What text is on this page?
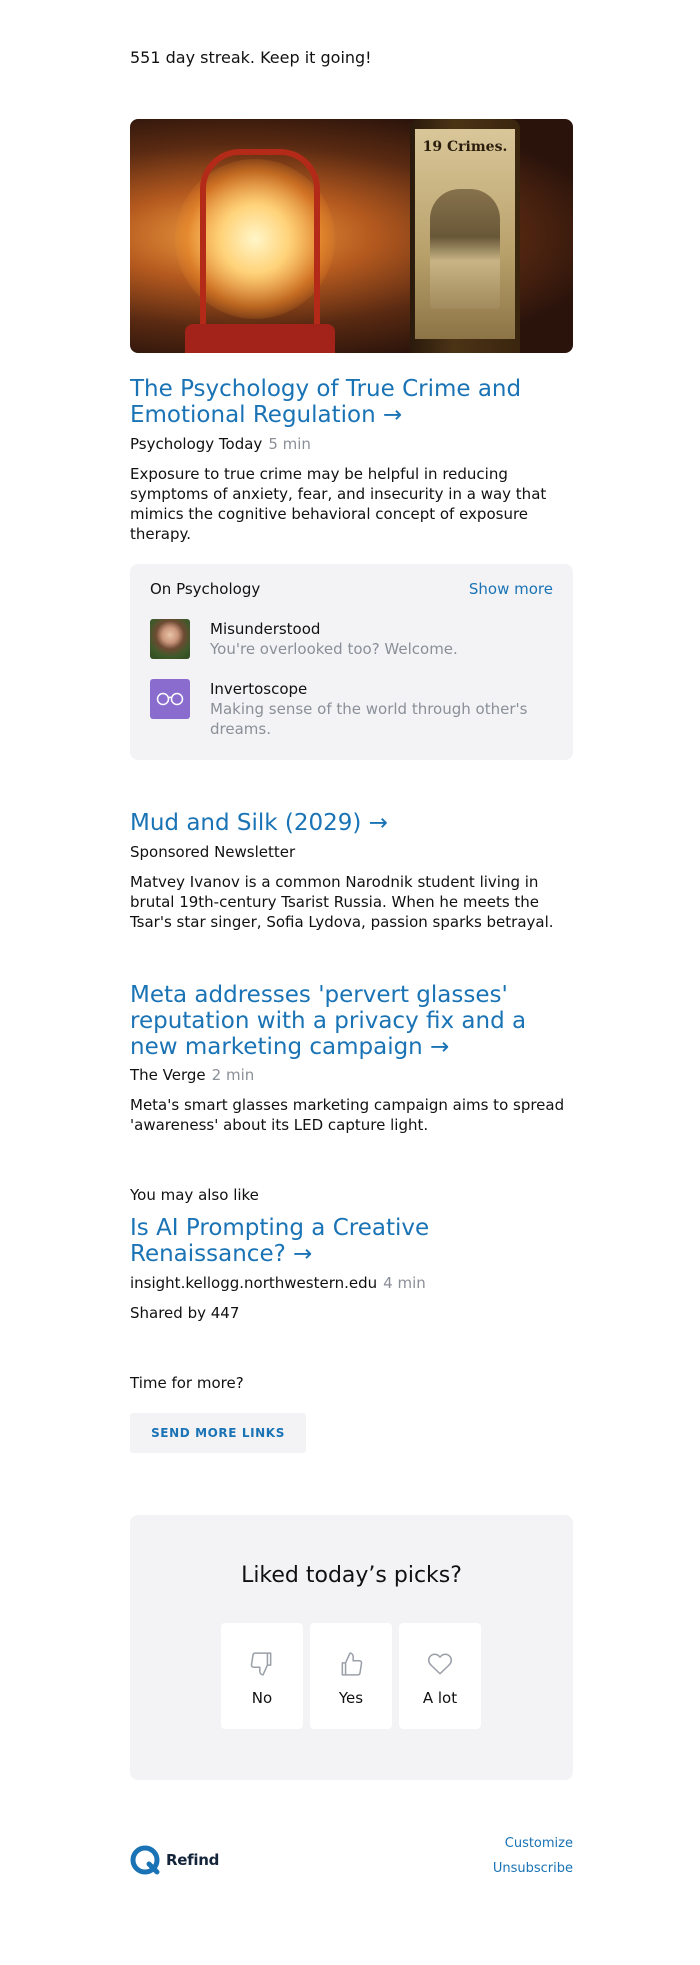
551 day streak. Keep it going!
19 Crimes.
The Psychology of True Crime and Emotional Regulation →
Psychology Today 5 min
Exposure to true crime may be helpful in reducing symptoms of anxiety, fear, and insecurity in a way that mimics the cognitive behavioral concept of exposure therapy.
On Psychology	Show more
Misunderstood
You're overlooked too? Welcome.
Invertoscope
Making sense of the world through other's dreams.
Mud and Silk (2029) →
Sponsored Newsletter
Matvey Ivanov is a common Narodnik student living in brutal 19th-century Tsarist Russia. When he meets the Tsar's star singer, Sofia Lydova, passion sparks betrayal.
Meta addresses 'pervert glasses' reputation with a privacy fix and a new marketing campaign →
The Verge 2 min
Meta's smart glasses marketing campaign aims to spread 'awareness' about its LED capture light.
You may also like
Is AI Prompting a Creative Renaissance? →
insight.kellogg.northwestern.edu 4 min
Shared by 447
Time for more?
SEND MORE LINKS
Liked today’s picks?
No	Yes	A lot
Refind
Customize
Unsubscribe
